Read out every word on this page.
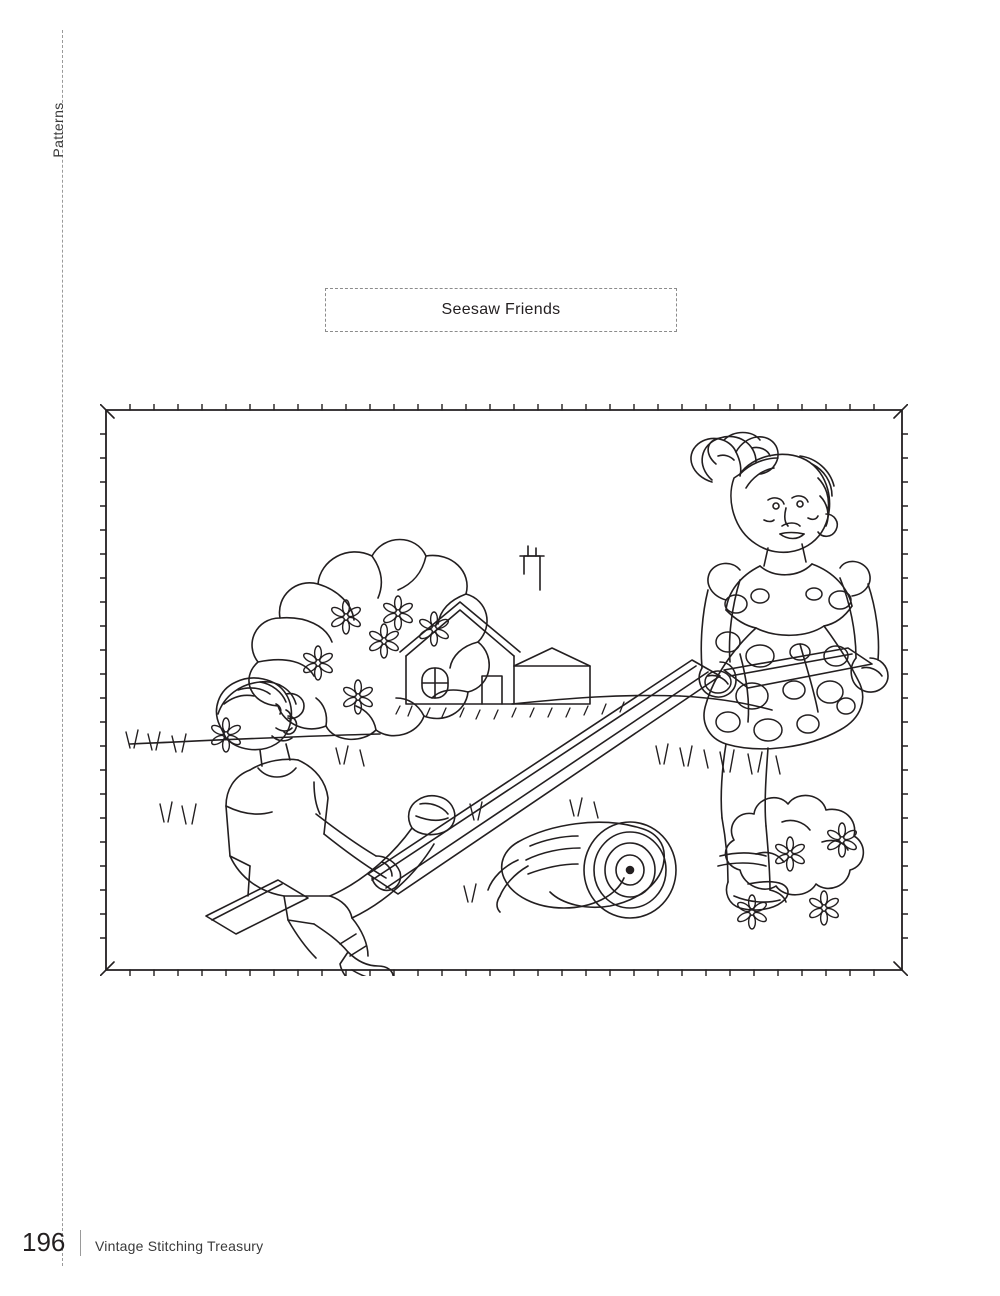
Patterns
Seesaw Friends
196	Vintage Stitching Treasury
